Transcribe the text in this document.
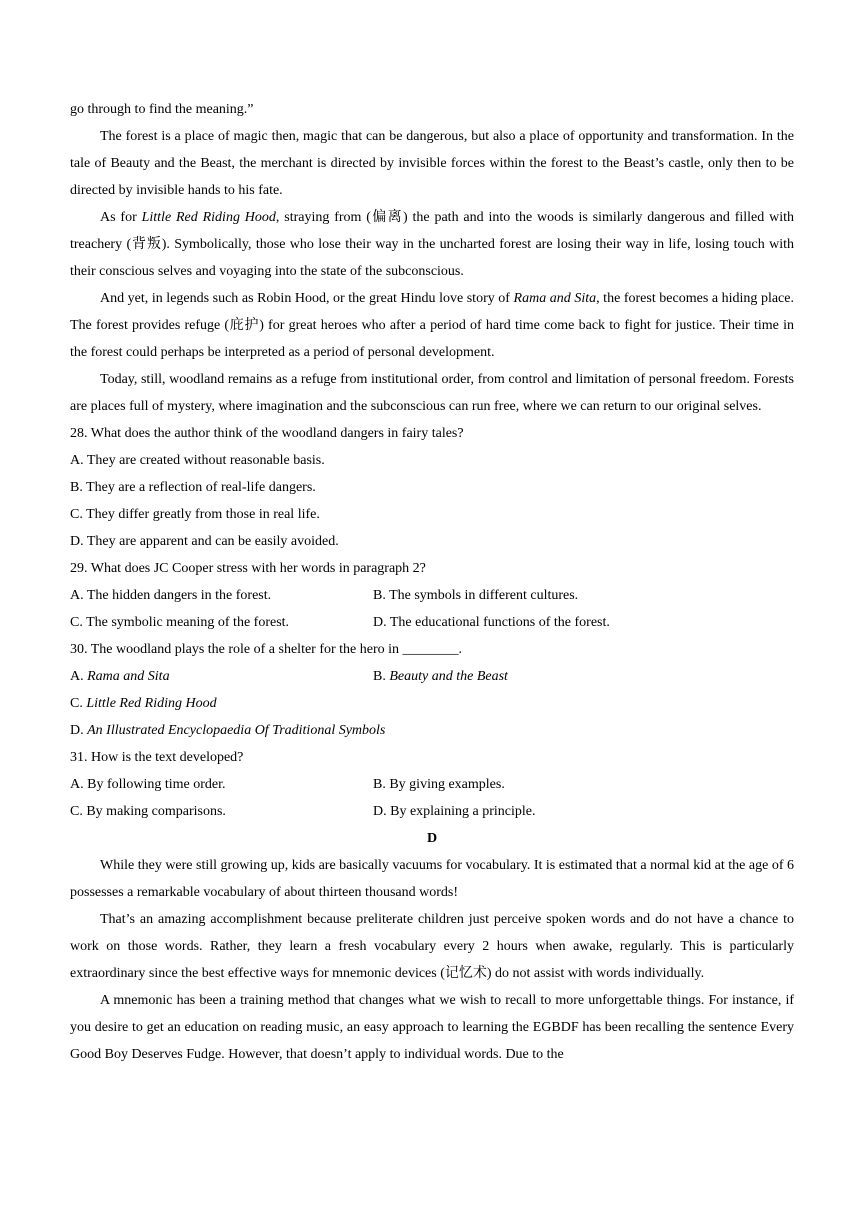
go through to find the meaning.”

The forest is a place of magic then, magic that can be dangerous, but also a place of opportunity and transformation. In the tale of Beauty and the Beast, the merchant is directed by invisible forces within the forest to the Beast’s castle, only then to be directed by invisible hands to his fate.

As for Little Red Riding Hood, straying from (偏离) the path and into the woods is similarly dangerous and filled with treachery (背叛). Symbolically, those who lose their way in the uncharted forest are losing their way in life, losing touch with their conscious selves and voyaging into the state of the subconscious.

And yet, in legends such as Robin Hood, or the great Hindu love story of Rama and Sita, the forest becomes a hiding place. The forest provides refuge (庇护) for great heroes who after a period of hard time come back to fight for justice. Their time in the forest could perhaps be interpreted as a period of personal development.

Today, still, woodland remains as a refuge from institutional order, from control and limitation of personal freedom. Forests are places full of mystery, where imagination and the subconscious can run free, where we can return to our original selves.

28. What does the author think of the woodland dangers in fairy tales?

A. They are created without reasonable basis.

B. They are a reflection of real-life dangers.

C. They differ greatly from those in real life.

D. They are apparent and can be easily avoided.

29. What does JC Cooper stress with her words in paragraph 2?

A. The hidden dangers in the forest.	B. The symbols in different cultures.
C. The symbolic meaning of the forest.	D. The educational functions of the forest.

30. The woodland plays the role of a shelter for the hero in ________.

A. Rama and Sita	B. Beauty and the Beast

C. Little Red Riding Hood

D. An Illustrated Encyclopaedia Of Traditional Symbols

31. How is the text developed?

A. By following time order.	B. By giving examples.
C. By making comparisons.	D. By explaining a principle.

D

While they were still growing up, kids are basically vacuums for vocabulary. It is estimated that a normal kid at the age of 6 possesses a remarkable vocabulary of about thirteen thousand words!

That’s an amazing accomplishment because preliterate children just perceive spoken words and do not have a chance to work on those words. Rather, they learn a fresh vocabulary every 2 hours when awake, regularly. This is particularly extraordinary since the best effective ways for mnemonic devices (记忆术) do not assist with words individually.

A mnemonic has been a training method that changes what we wish to recall to more unforgettable things. For instance, if you desire to get an education on reading music, an easy approach to learning the EGBDF has been recalling the sentence Every Good Boy Deserves Fudge. However, that doesn’t apply to individual words. Due to the
